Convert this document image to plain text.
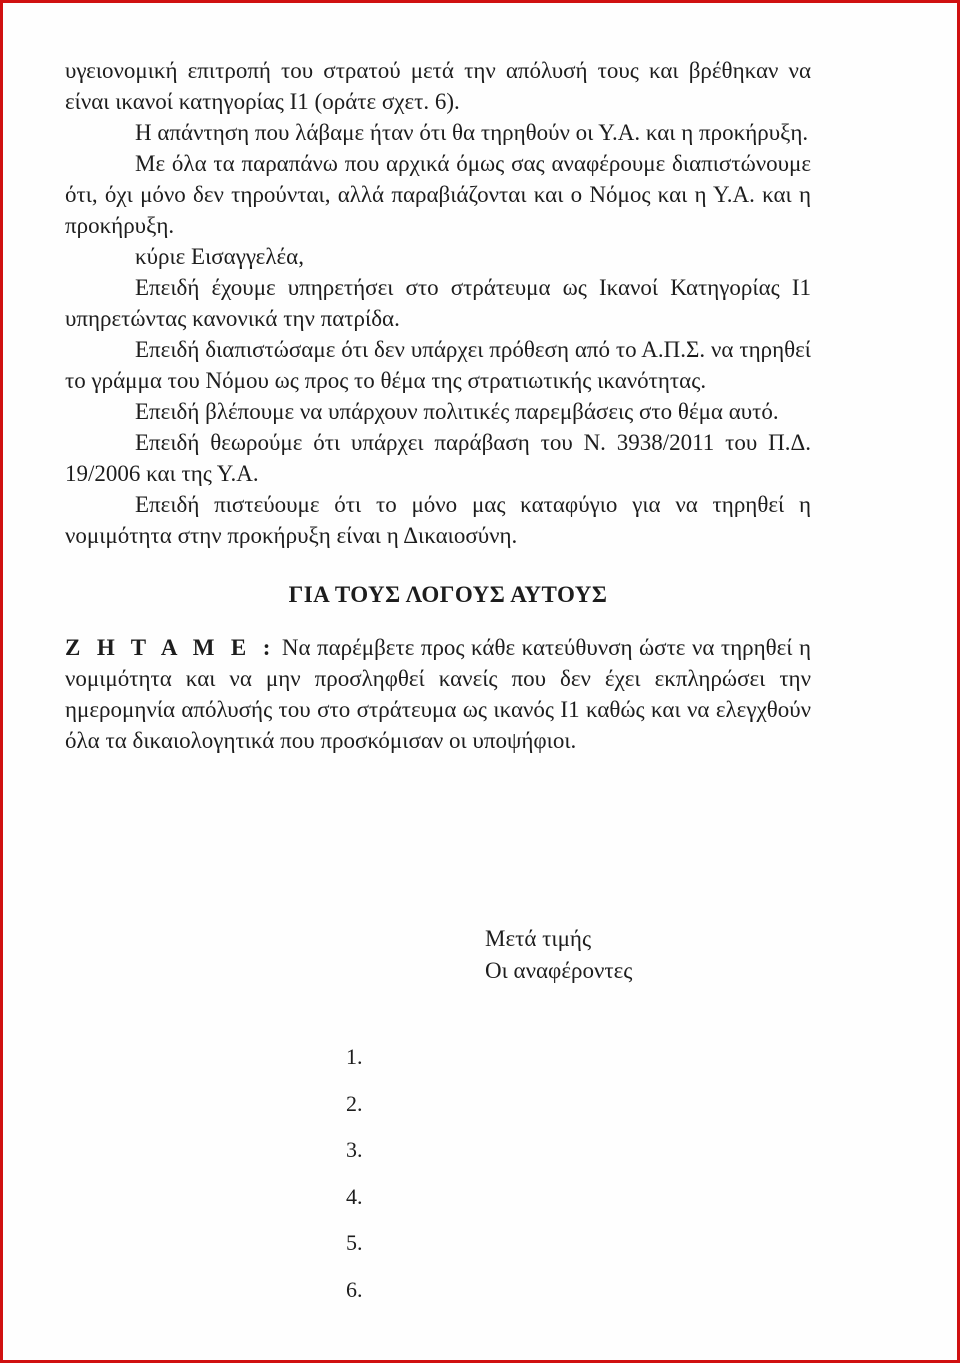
υγειονομική επιτροπή του στρατού μετά την απόλυσή τους και βρέθηκαν να είναι ικανοί κατηγορίας Ι1 (οράτε σχετ. 6).

Η απάντηση που λάβαμε ήταν ότι θα τηρηθούν οι Υ.Α. και η προκήρυξη.

Με όλα τα παραπάνω που αρχικά όμως σας αναφέρουμε διαπιστώνουμε ότι, όχι μόνο δεν τηρούνται, αλλά παραβιάζονται και ο Νόμος και η Υ.Α. και η προκήρυξη.

κύριε Εισαγγελέα,

Επειδή έχουμε υπηρετήσει στο στράτευμα ως Ικανοί Κατηγορίας Ι1 υπηρετώντας κανονικά την πατρίδα.

Επειδή διαπιστώσαμε ότι δεν υπάρχει πρόθεση από το Α.Π.Σ. να τηρηθεί το γράμμα του Νόμου ως προς το θέμα της στρατιωτικής ικανότητας.

Επειδή βλέπουμε να υπάρχουν πολιτικές παρεμβάσεις στο θέμα αυτό.

Επειδή θεωρούμε ότι υπάρχει παράβαση του Ν. 3938/2011 του Π.Δ. 19/2006 και της Υ.Α.

Επειδή πιστεύουμε ότι το μόνο μας καταφύγιο για να τηρηθεί η νομιμότητα στην προκήρυξη είναι η Δικαιοσύνη.

ΓΙΑ ΤΟΥΣ ΛΟΓΟΥΣ ΑΥΤΟΥΣ

Ζ Η Τ Α Μ Ε : Να παρέμβετε προς κάθε κατεύθυνση ώστε να τηρηθεί η νομιμότητα και να μην προσληφθεί κανείς που δεν έχει εκπληρώσει την ημερομηνία απόλυσής του στο στράτευμα ως ικανός Ι1 καθώς και να ελεγχθούν όλα τα δικαιολογητικά που προσκόμισαν οι υποψήφιοι.

Μετά τιμής
Οι αναφέροντες
1.
2.
3.
4.
5.
6.
